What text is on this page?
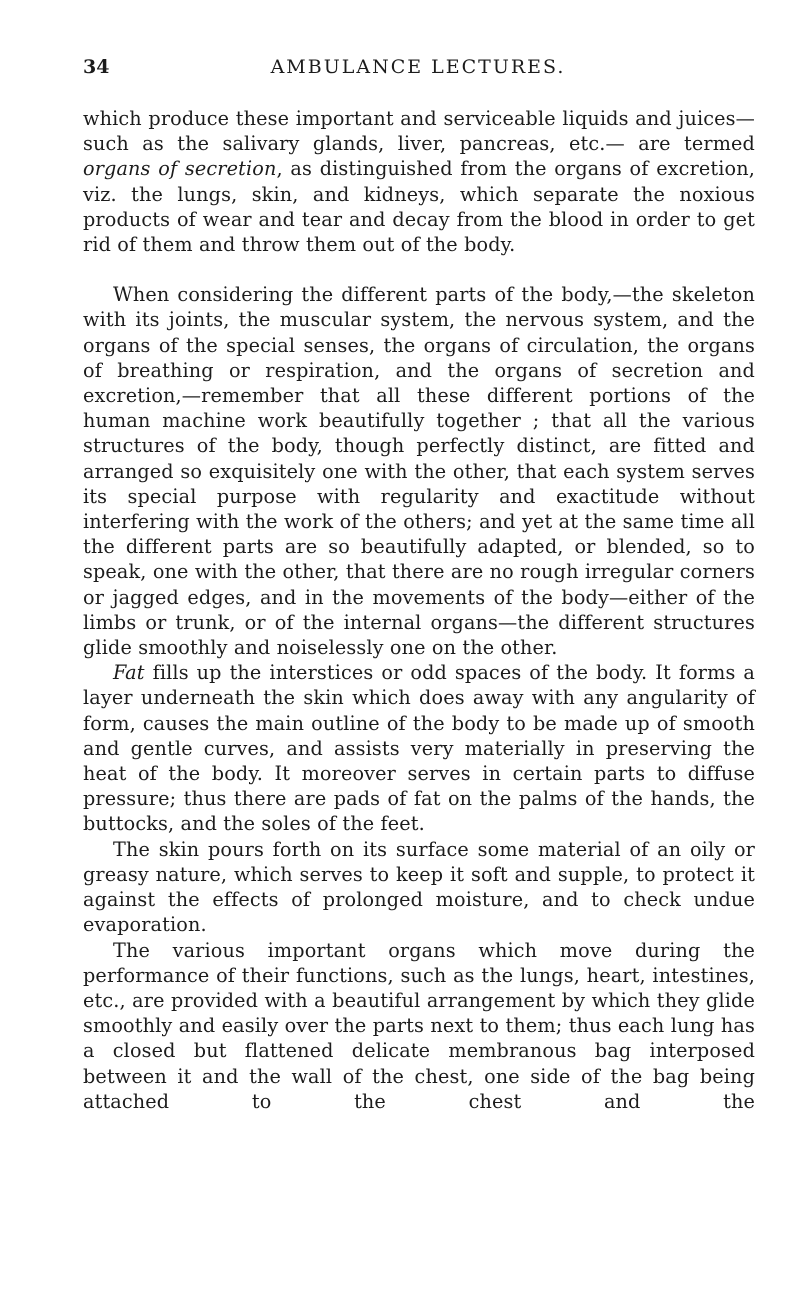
34	AMBULANCE LECTURES.

which produce these important and serviceable liquids and juices—such as the salivary glands, liver, pancreas, etc.— are termed organs of secretion, as distinguished from the organs of excretion, viz. the lungs, skin, and kidneys, which separate the noxious products of wear and tear and decay from the blood in order to get rid of them and throw them out of the body.

When considering the different parts of the body,—the skeleton with its joints, the muscular system, the nervous system, and the organs of the special senses, the organs of circulation, the organs of breathing or respiration, and the organs of secretion and excretion,—remember that all these different portions of the human machine work beautifully together ; that all the various structures of the body, though perfectly distinct, are fitted and arranged so exquisitely one with the other, that each system serves its special purpose with regularity and exactitude without interfering with the work of the others; and yet at the same time all the different parts are so beautifully adapted, or blended, so to speak, one with the other, that there are no rough irregular corners or jagged edges, and in the movements of the body—either of the limbs or trunk, or of the internal organs—the different structures glide smoothly and noiselessly one on the other.

Fat fills up the interstices or odd spaces of the body. It forms a layer underneath the skin which does away with any angularity of form, causes the main outline of the body to be made up of smooth and gentle curves, and assists very materially in preserving the heat of the body. It moreover serves in certain parts to diffuse pressure; thus there are pads of fat on the palms of the hands, the buttocks, and the soles of the feet.

The skin pours forth on its surface some material of an oily or greasy nature, which serves to keep it soft and supple, to protect it against the effects of prolonged moisture, and to check undue evaporation.

The various important organs which move during the performance of their functions, such as the lungs, heart, intestines, etc., are provided with a beautiful arrangement by which they glide smoothly and easily over the parts next to them; thus each lung has a closed but flattened delicate membranous bag interposed between it and the wall of the chest, one side of the bag being attached to the chest and the
